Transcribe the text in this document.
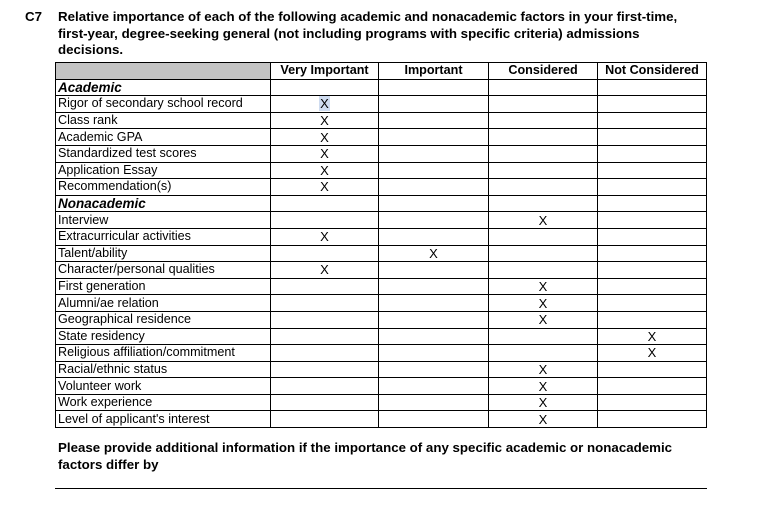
C7 Relative importance of each of the following academic and nonacademic factors in your first-time, first-year, degree-seeking general (not including programs with specific criteria) admissions decisions.
	Very Important	Important	Considered	Not Considered
Academic				
Rigor of secondary school record	X			
Class rank	X			
Academic GPA	X			
Standardized test scores	X			
Application Essay	X			
Recommendation(s)	X			
Nonacademic				
Interview			X	
Extracurricular activities	X			
Talent/ability		X		
Character/personal qualities	X			
First generation			X	
Alumni/ae relation			X	
Geographical residence			X	
State residency				X
Religious affiliation/commitment				X
Racial/ethnic status			X	
Volunteer work			X	
Work experience			X	
Level of applicant's interest			X	
Please provide additional information if the importance of any specific academic or nonacademic factors differ by
